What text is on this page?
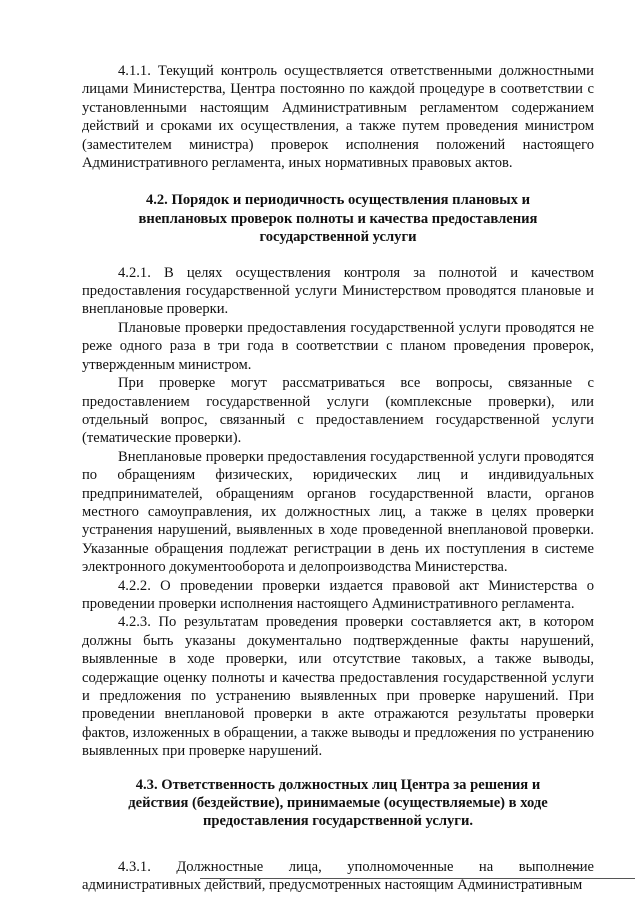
4.1.1. Текущий контроль осуществляется ответственными должностными лицами Министерства, Центра постоянно по каждой процедуре в соответствии с установленными настоящим Административным регламентом содержанием действий и сроками их осуществления, а также путем проведения министром (заместителем министра) проверок исполнения положений настоящего Административного регламента, иных нормативных правовых актов.

4.2. Порядок и периодичность осуществления плановых и
внеплановых проверок полноты и качества предоставления
государственной услуги

4.2.1. В целях осуществления контроля за полнотой и качеством предоставления государственной услуги Министерством проводятся плановые и внеплановые проверки.

Плановые проверки предоставления государственной услуги проводятся не реже одного раза в три года в соответствии с планом проведения проверок, утвержденным министром.

При проверке могут рассматриваться все вопросы, связанные с предоставлением государственной услуги (комплексные проверки), или отдельный вопрос, связанный с предоставлением государственной услуги (тематические проверки).

Внеплановые проверки предоставления государственной услуги проводятся по обращениям физических, юридических лиц и индивидуальных предпринимателей, обращениям органов государственной власти, органов местного самоуправления, их должностных лиц, а также в целях проверки устранения нарушений, выявленных в ходе проведенной внеплановой проверки. Указанные обращения подлежат регистрации в день их поступления в системе электронного документооборота и делопроизводства Министерства.

4.2.2. О проведении проверки издается правовой акт Министерства о проведении проверки исполнения настоящего Административного регламента.

4.2.3. По результатам проведения проверки составляется акт, в котором должны быть указаны документально подтвержденные факты нарушений, выявленные в ходе проверки, или отсутствие таковых, а также выводы, содержащие оценку полноты и качества предоставления государственной услуги и предложения по устранению выявленных при проверке нарушений. При проведении внеплановой проверки в акте отражаются результаты проверки фактов, изложенных в обращении, а также выводы и предложения по устранению выявленных при проверке нарушений.

4.3. Ответственность должностных лиц Центра за решения и
действия (бездействие), принимаемые (осуществляемые) в ходе
предоставления государственной услуги.

4.3.1. Должностные лица, уполномоченные на выполнение административных действий, предусмотренных настоящим Административным
